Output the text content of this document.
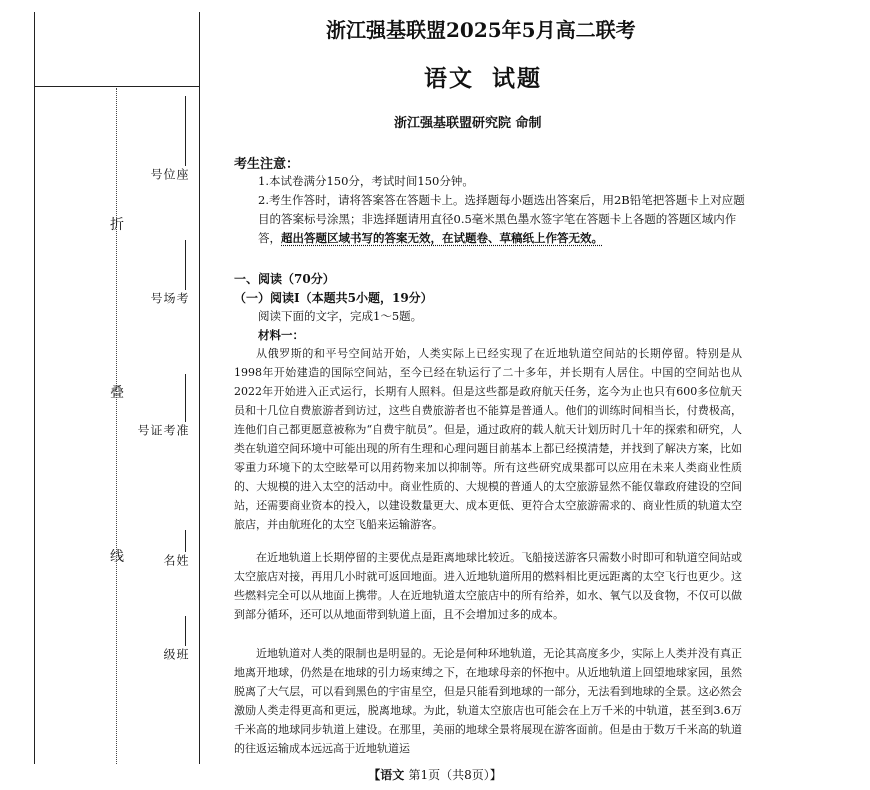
折
叠
线
座位号
考场号
准考证号
姓名
班级
浙江强基联盟2025年5月高二联考
语文 试题
浙江强基联盟研究院 命制
考生注意：
1.本试卷满分150分，考试时间150分钟。
2.考生作答时，请将答案答在答题卡上。选择题每小题选出答案后，用2B铅笔把答题卡上对应题目的答案标号涂黑；非选择题请用直径0.5毫米黑色墨水签字笔在答题卡上各题的答题区域内作答，超出答题区域书写的答案无效，在试题卷、草稿纸上作答无效。
一、阅读（70分）
（一）阅读Ⅰ（本题共5小题，19分）
阅读下面的文字，完成1～5题。
材料一：
从俄罗斯的和平号空间站开始，人类实际上已经实现了在近地轨道空间站的长期停留。特别是从1998年开始建造的国际空间站，至今已经在轨运行了二十多年，并长期有人居住。中国的空间站也从2022年开始进入正式运行，长期有人照料。但是这些都是政府航天任务，迄今为止也只有600多位航天员和十几位自费旅游者到访过，这些自费旅游者也不能算是普通人。他们的训练时间相当长，付费极高，连他们自己都更愿意被称为“自费宇航员”。但是，通过政府的载人航天计划历时几十年的探索和研究，人类在轨道空间环境中可能出现的所有生理和心理问题目前基本上都已经摸清楚，并找到了解决方案，比如零重力环境下的太空眩晕可以用药物来加以抑制等。所有这些研究成果都可以应用在未来人类商业性质的、大规模的进入太空的活动中。商业性质的、大规模的普通人的太空旅游显然不能仅靠政府建设的空间站，还需要商业资本的投入，以建设数量更大、成本更低、更符合太空旅游需求的、商业性质的轨道太空旅店，并由航班化的太空飞船来运输游客。
在近地轨道上长期停留的主要优点是距离地球比较近。飞船接送游客只需数小时即可和轨道空间站或太空旅店对接，再用几小时就可返回地面。进入近地轨道所用的燃料相比更远距离的太空飞行也更少。这些燃料完全可以从地面上携带。人在近地轨道太空旅店中的所有给养，如水、氧气以及食物，不仅可以做到部分循环，还可以从地面带到轨道上面，且不会增加过多的成本。
近地轨道对人类的限制也是明显的。无论是何种环地轨道，无论其高度多少，实际上人类并没有真正地离开地球，仍然是在地球的引力场束缚之下，在地球母亲的怀抱中。从近地轨道上回望地球家园，虽然脱离了大气层，可以看到黑色的宇宙星空，但是只能看到地球的一部分，无法看到地球的全景。这必然会激励人类走得更高和更远，脱离地球。为此，轨道太空旅店也可能会在上万千米的中轨道，甚至到3.6万千米高的地球同步轨道上建设。在那里，美丽的地球全景将展现在游客面前。但是由于数万千米高的轨道的往返运输成本远远高于近地轨道运
【语文 第1页（共8页）】
